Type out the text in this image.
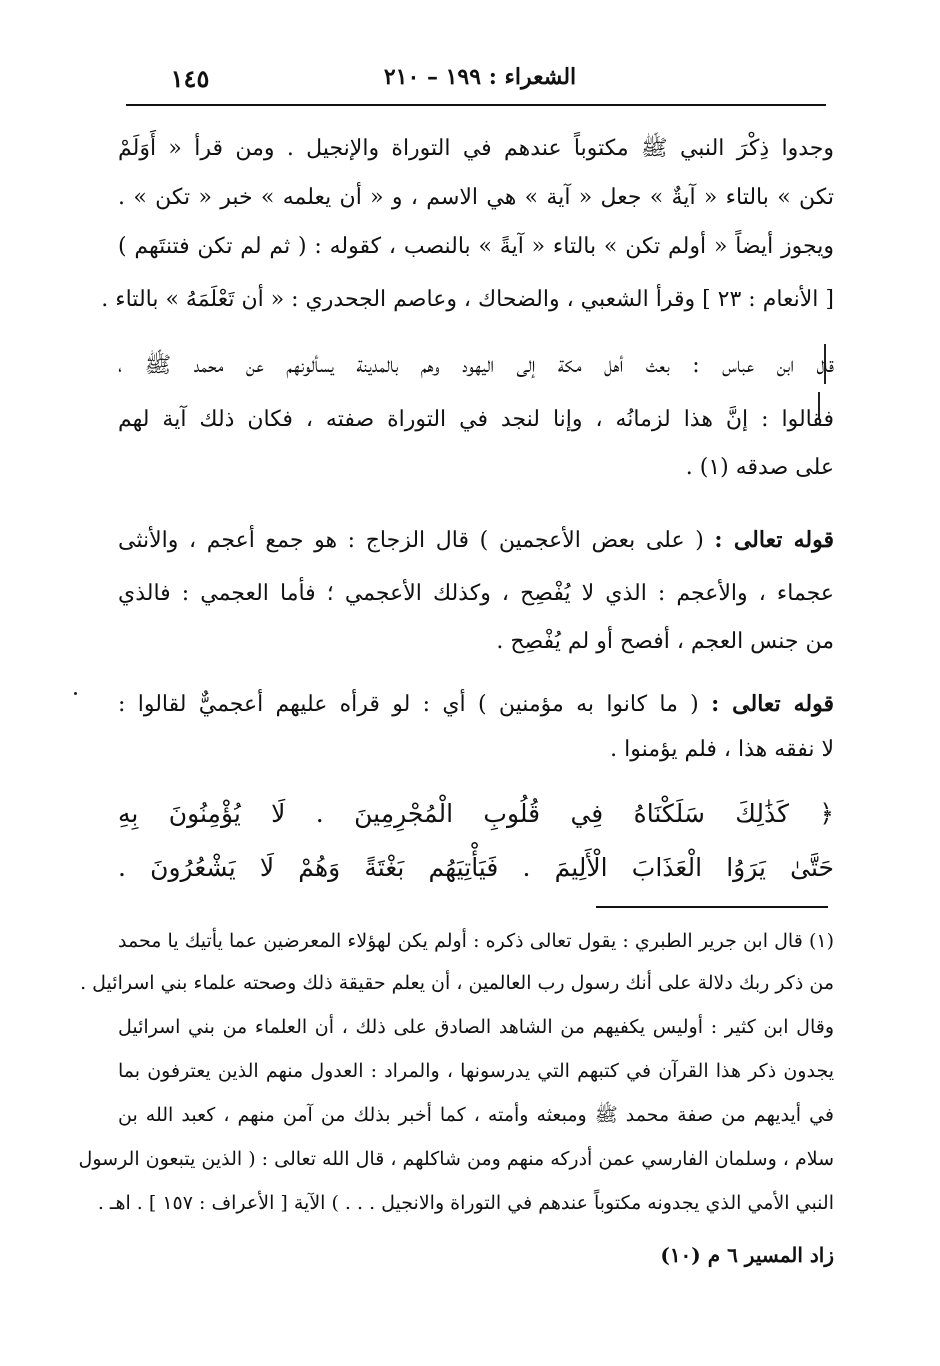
الشعراء : ١٩٩ – ٢١٠
١٤٥
وجدوا ذِكْرَ النبي ﷺ مكتوباً عندهم في التوراة والإنجيل . ومن قرأ « أَوَلَمْ
تكن » بالتاء « آيةٌ » جعل « آية » هي الاسم ، و « أن يعلمه » خبر « تكن » .
ويجوز أيضاً « أولم تكن » بالتاء « آيةً » بالنصب ، كقوله : ( ثم لم تكن فتنتَهم )
[ الأنعام : ٢٣ ] وقرأ الشعبي ، والضحاك ، وعاصم الجحدري : « أن تَعْلَمَهُ » بالتاء .
قال ابن عباس : بعث أهل مكة إلى اليهود وهم بالمدينة يسألونهم عن محمد ﷺ ،
فقالوا : إنَّ هذا لزمانُه ، وإنا لنجد في التوراة صفته ، فكان ذلك آية لهم
على صدقه (١) .
قوله تعالى : ( على بعض الأعجمين ) قال الزجاج : هو جمع أعجم ، والأنثى
عجماء ، والأعجم : الذي لا يُفْصِح ، وكذلك الأعجمي ؛ فأما العجمي : فالذي
من جنس العجم ، أفصح أو لم يُفْصِح .
قوله تعالى : ( ما كانوا به مؤمنين ) أي : لو قرأه عليهم أعجميٌّ لقالوا :
لا نفقه هذا ، فلم يؤمنوا .
﴿ كَذَٰلِكَ سَلَكْنَاهُ فِي قُلُوبِ الْمُجْرِمِينَ . لَا يُؤْمِنُونَ بِهِ
حَتَّىٰ يَرَوُا الْعَذَابَ الْأَلِيمَ . فَيَأْتِيَهُم بَغْتَةً وَهُمْ لَا يَشْعُرُونَ .
(١) قال ابن جرير الطبري : يقول تعالى ذكره : أولم يكن لهؤلاء المعرضين عما يأتيك يا محمد
من ذكر ربك دلالة على أنك رسول رب العالمين ، أن يعلم حقيقة ذلك وصحته علماء بني اسرائيل .
وقال ابن كثير : أوليس يكفيهم من الشاهد الصادق على ذلك ، أن العلماء من بني اسرائيل
يجدون ذكر هذا القرآن في كتبهم التي يدرسونها ، والمراد : العدول منهم الذين يعترفون بما
في أيديهم من صفة محمد ﷺ ومبعثه وأمته ، كما أخبر بذلك من آمن منهم ، كعبد الله بن
سلام ، وسلمان الفارسي عمن أدركه منهم ومن شاكلهم ، قال الله تعالى : ( الذين يتبعون الرسول
النبي الأمي الذي يجدونه مكتوباً عندهم في التوراة والانجيل . . . ) الآية [ الأعراف : ١٥٧ ] . اهـ .
زاد المسير ٦ م (١٠)
